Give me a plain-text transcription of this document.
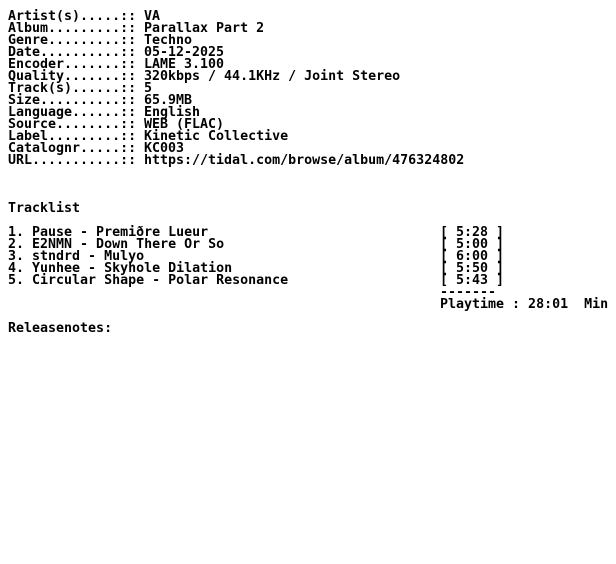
Artist(s).....:: VA
Album.........:: Parallax Part 2
Genre.........:: Techno
Date..........:: 05-12-2025
Encoder.......:: LAME 3.100
Quality.......:: 320kbps / 44.1KHz / Joint Stereo
Track(s)......:: 5
Size..........:: 65.9MB
Language......:: English
Source........:: WEB (FLAC)
Label.........:: Kinetic Collective
Catalognr.....:: KC003
URL...........:: https://tidal.com/browse/album/476324802
Tracklist
1. Pause - Premiðre Lueur	[ 5:28 ]
2. E2NMN - Down There Or So	[ 5:00 ]
3. stndrd - Mulyo	[ 6:00 ]
4. Yunhee - Skyhole Dilation	[ 5:50 ]
5. Circular Shape - Polar Resonance	[ 5:43 ]
-------
Playtime : 28:01  Min
Releasenotes:
